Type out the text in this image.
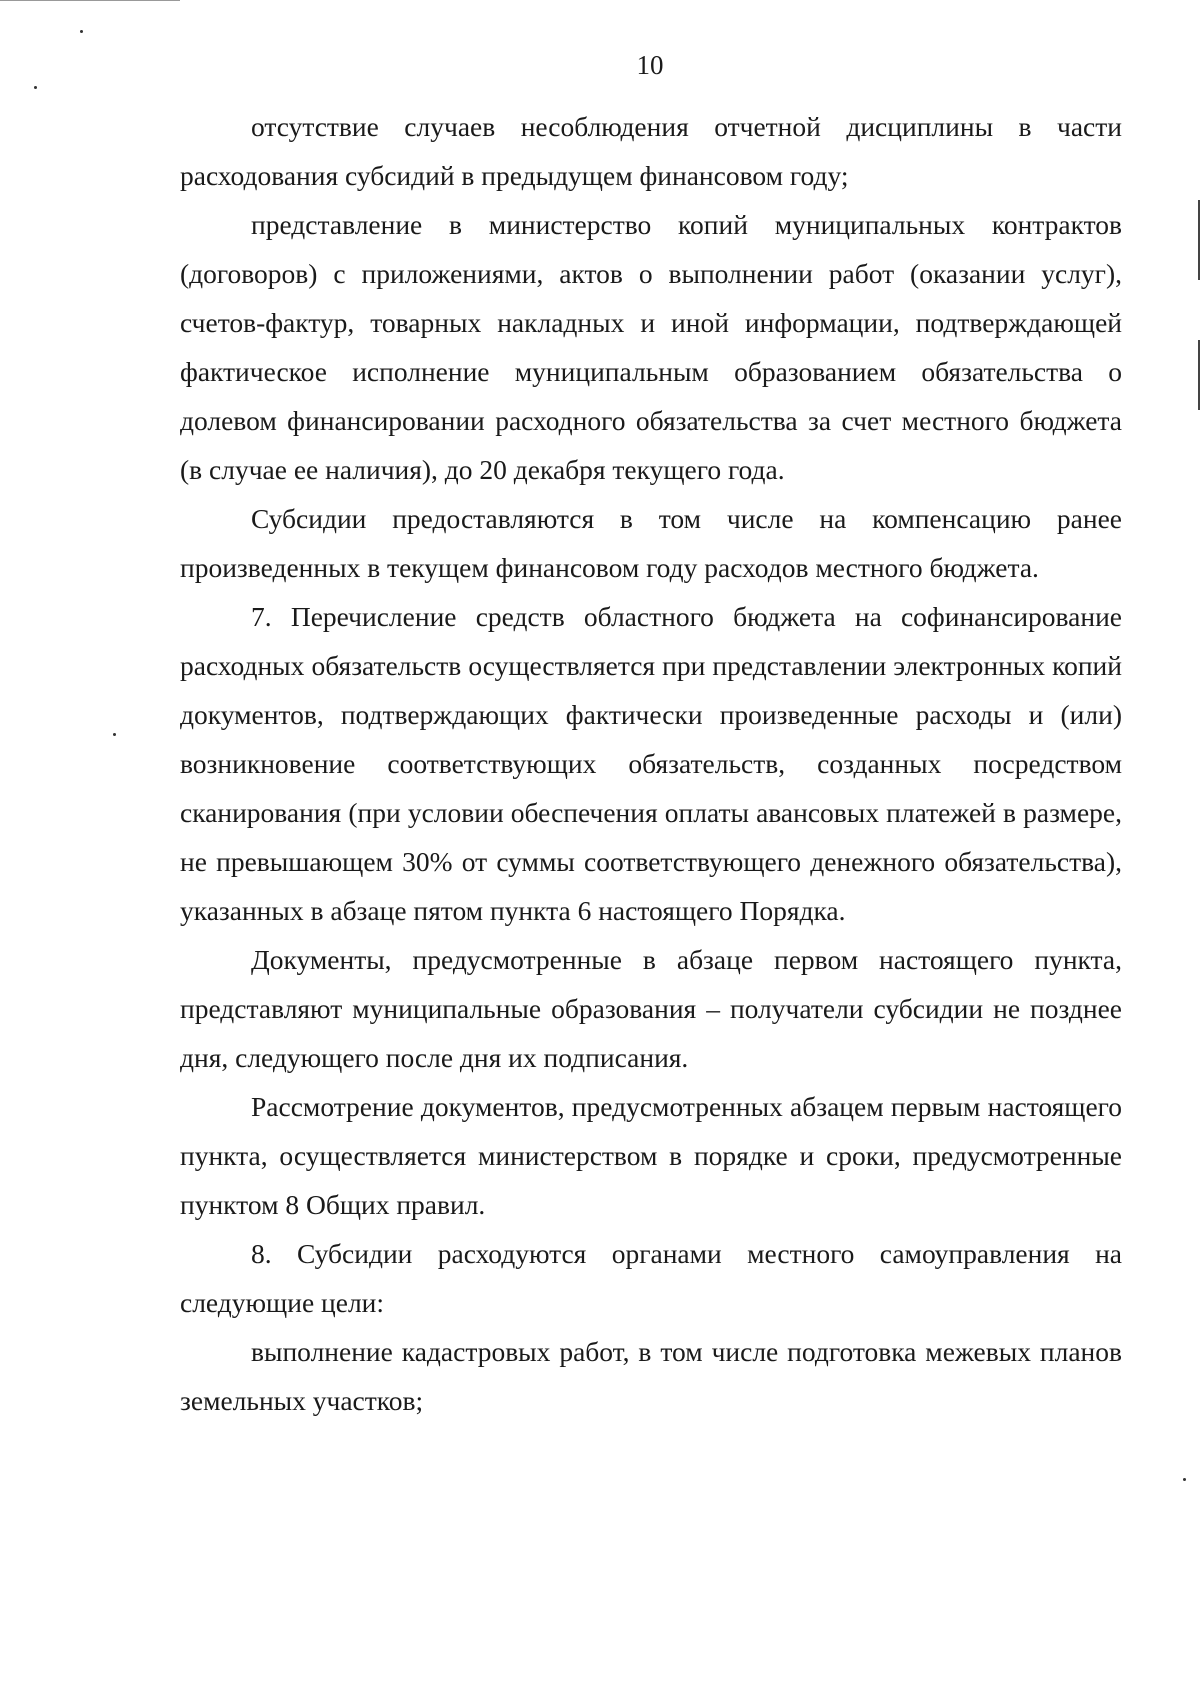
10

отсутствие случаев несоблюдения отчетной дисциплины в части расходования субсидий в предыдущем финансовом году;

представление в министерство копий муниципальных контрактов (договоров) с приложениями, актов о выполнении работ (оказании услуг), счетов-фактур, товарных накладных и иной информации, подтверждающей фактическое исполнение муниципальным образованием обязательства о долевом финансировании расходного обязательства за счет местного бюджета (в случае ее наличия), до 20 декабря текущего года.

Субсидии предоставляются в том числе на компенсацию ранее произведенных в текущем финансовом году расходов местного бюджета.

7. Перечисление средств областного бюджета на софинансирование расходных обязательств осуществляется при представлении электронных копий документов, подтверждающих фактически произведенные расходы и (или) возникновение соответствующих обязательств, созданных посредством сканирования (при условии обеспечения оплаты авансовых платежей в размере, не превышающем 30% от суммы соответствующего денежного обязательства), указанных в абзаце пятом пункта 6 настоящего Порядка.

Документы, предусмотренные в абзаце первом настоящего пункта, представляют муниципальные образования – получатели субсидии не позднее дня, следующего после дня их подписания.

Рассмотрение документов, предусмотренных абзацем первым настоящего пункта, осуществляется министерством в порядке и сроки, предусмотренные пунктом 8 Общих правил.

8. Субсидии расходуются органами местного самоуправления на следующие цели:

выполнение кадастровых работ, в том числе подготовка межевых планов земельных участков;
